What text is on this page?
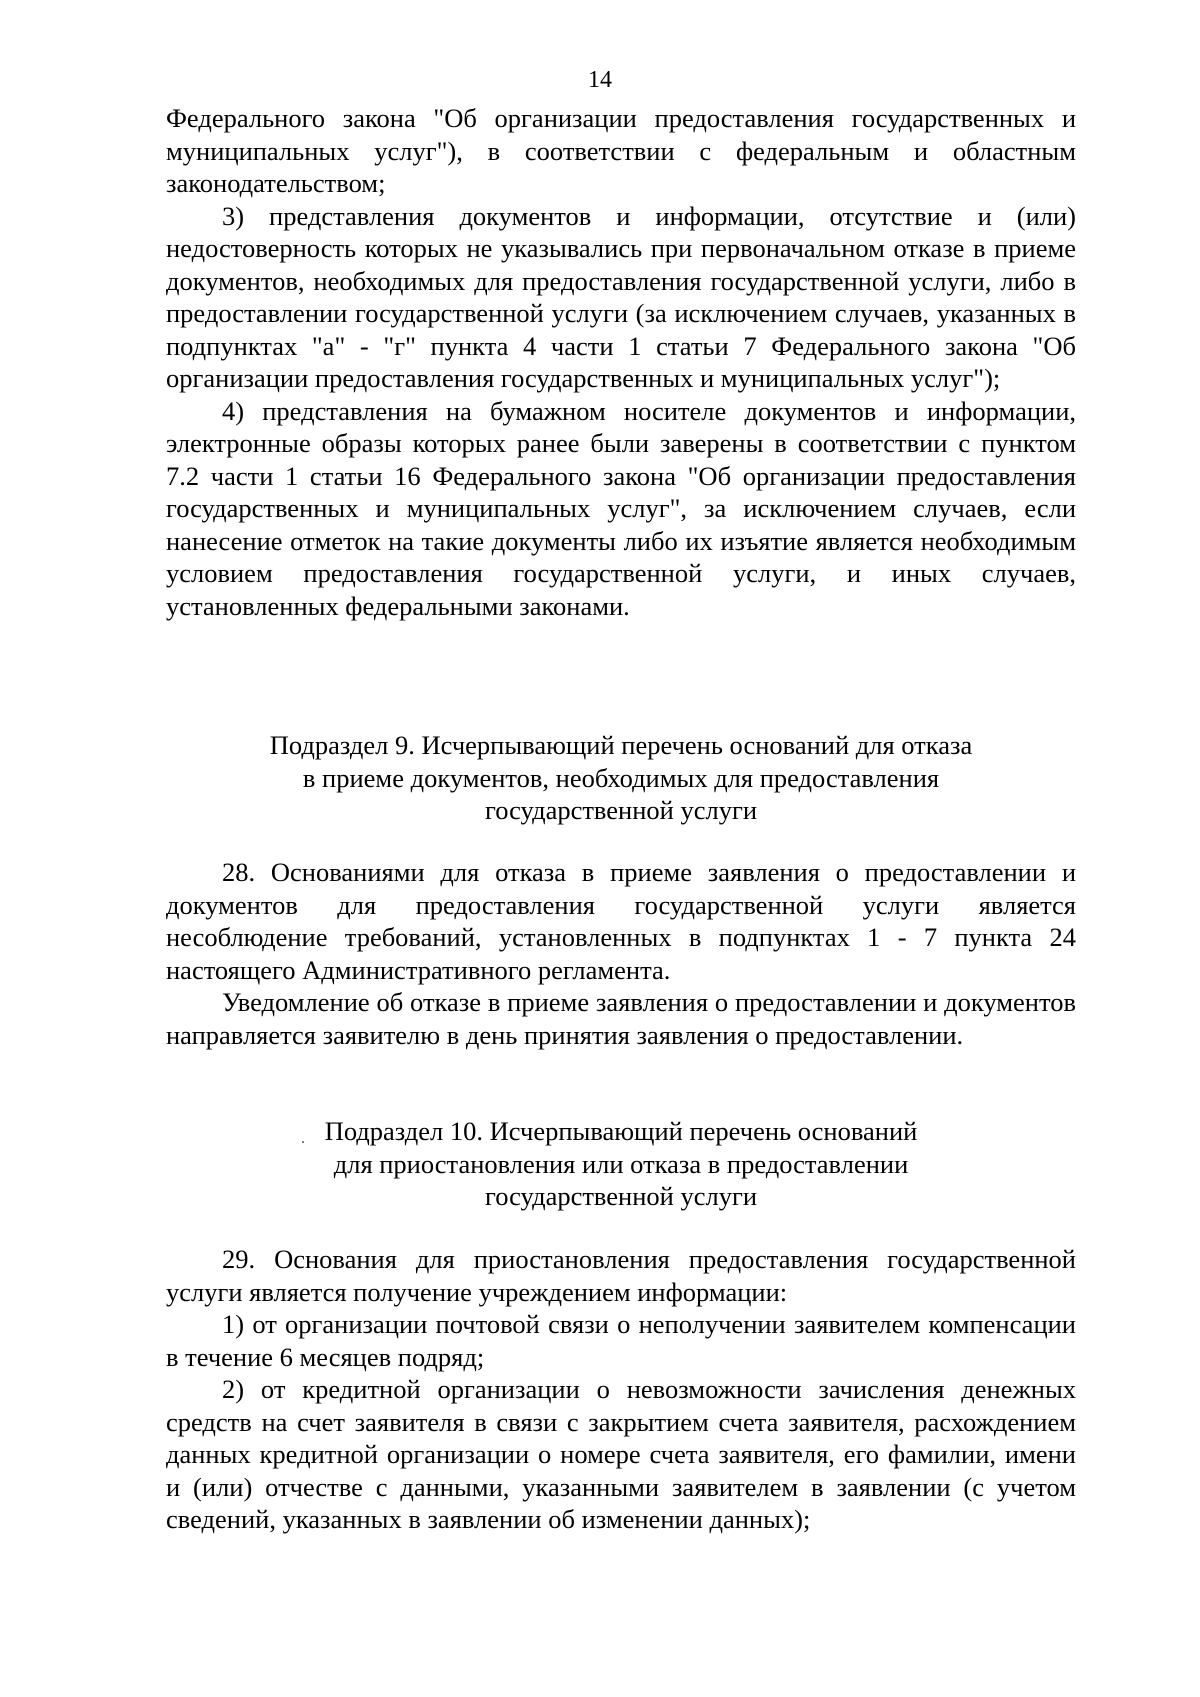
14

Федерального закона "Об организации предоставления государственных и муниципальных услуг"), в соответствии с федеральным и областным законодательством;

3) представления документов и информации, отсутствие и (или) недостоверность которых не указывались при первоначальном отказе в приеме документов, необходимых для предоставления государственной услуги, либо в предоставлении государственной услуги (за исключением случаев, указанных в подпунктах "а" - "г" пункта 4 части 1 статьи 7 Федерального закона "Об организации предоставления государственных и муниципальных услуг");

4) представления на бумажном носителе документов и информации, электронные образы которых ранее были заверены в соответствии с пунктом 7.2 части 1 статьи 16 Федерального закона "Об организации предоставления государственных и муниципальных услуг", за исключением случаев, если нанесение отметок на такие документы либо их изъятие является необходимым условием предоставления государственной услуги, и иных случаев, установленных федеральными законами.

Подраздел 9. Исчерпывающий перечень оснований для отказа
в приеме документов, необходимых для предоставления
государственной услуги

28. Основаниями для отказа в приеме заявления о предоставлении и документов для предоставления государственной услуги является несоблюдение требований, установленных в подпунктах 1 - 7 пункта 24 настоящего Административного регламента.

Уведомление об отказе в приеме заявления о предоставлении и документов направляется заявителю в день принятия заявления о предоставлении.

. Подраздел 10. Исчерпывающий перечень оснований
для приостановления или отказа в предоставлении
государственной услуги

29. Основания для приостановления предоставления государственной услуги является получение учреждением информации:

1) от организации почтовой связи о неполучении заявителем компенсации в течение 6 месяцев подряд;

2) от кредитной организации о невозможности зачисления денежных средств на счет заявителя в связи с закрытием счета заявителя, расхождением данных кредитной организации о номере счета заявителя, его фамилии, имени и (или) отчестве с данными, указанными заявителем в заявлении (с учетом сведений, указанных в заявлении об изменении данных);
